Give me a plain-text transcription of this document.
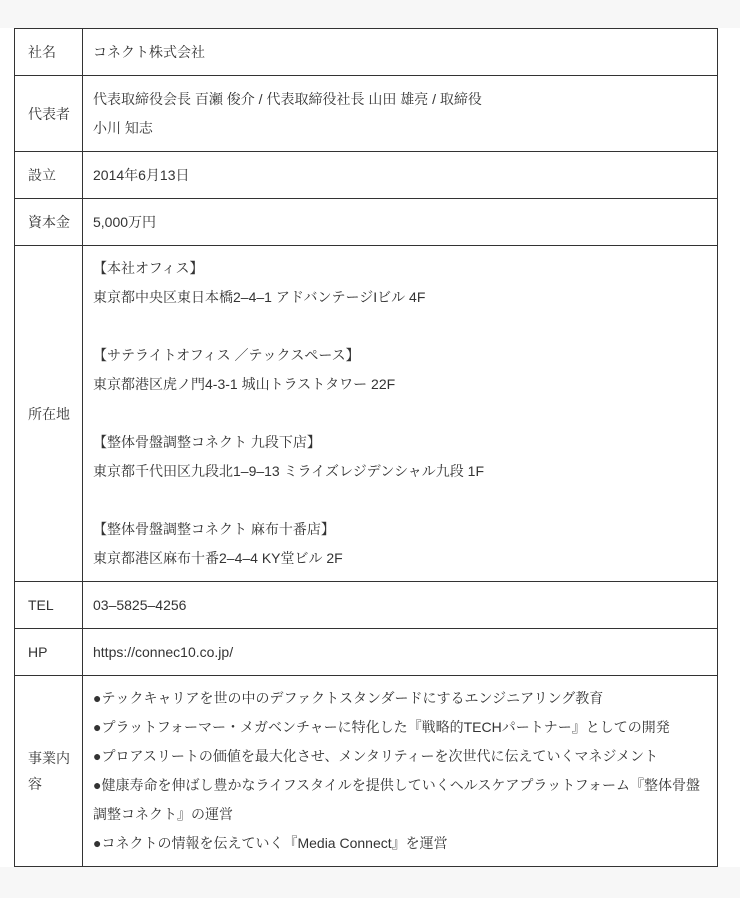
社名	コネクト株式会社

代表者	代表取締役会長 百瀬 俊介 / 代表取締役社長 山田 雄亮 / 取締役
小川 知志

設立	2014年6月13日

資本金	5,000万円

所在地	
【本社オフィス】
東京都中央区東日本橋2–4–1 アドバンテージIビル 4F
【サテライトオフィス ／テックスペース】
東京都港区虎ノ門4-3-1 城山トラストタワー 22F
【整体骨盤調整コネクト 九段下店】
東京都千代田区九段北1–9–13 ミライズレジデンシャル九段 1F
【整体骨盤調整コネクト 麻布十番店】
東京都港区麻布十番2–4–4 KY堂ビル 2F

TEL	03–5825–4256

HP	https://connec10.co.jp/

事業内容	●テックキャリアを世の中のデファクトスタンダードにするエンジニアリング教育
●プラットフォーマー・メガベンチャーに特化した『戦略的TECHパートナー』としての開発
●プロアスリートの価値を最大化させ、メンタリティーを次世代に伝えていくマネジメント
●健康寿命を伸ばし豊かなライフスタイルを提供していくヘルスケアプラットフォーム『整体骨盤調整コネクト』の運営
●コネクトの情報を伝えていく『Media Connect』を運営
